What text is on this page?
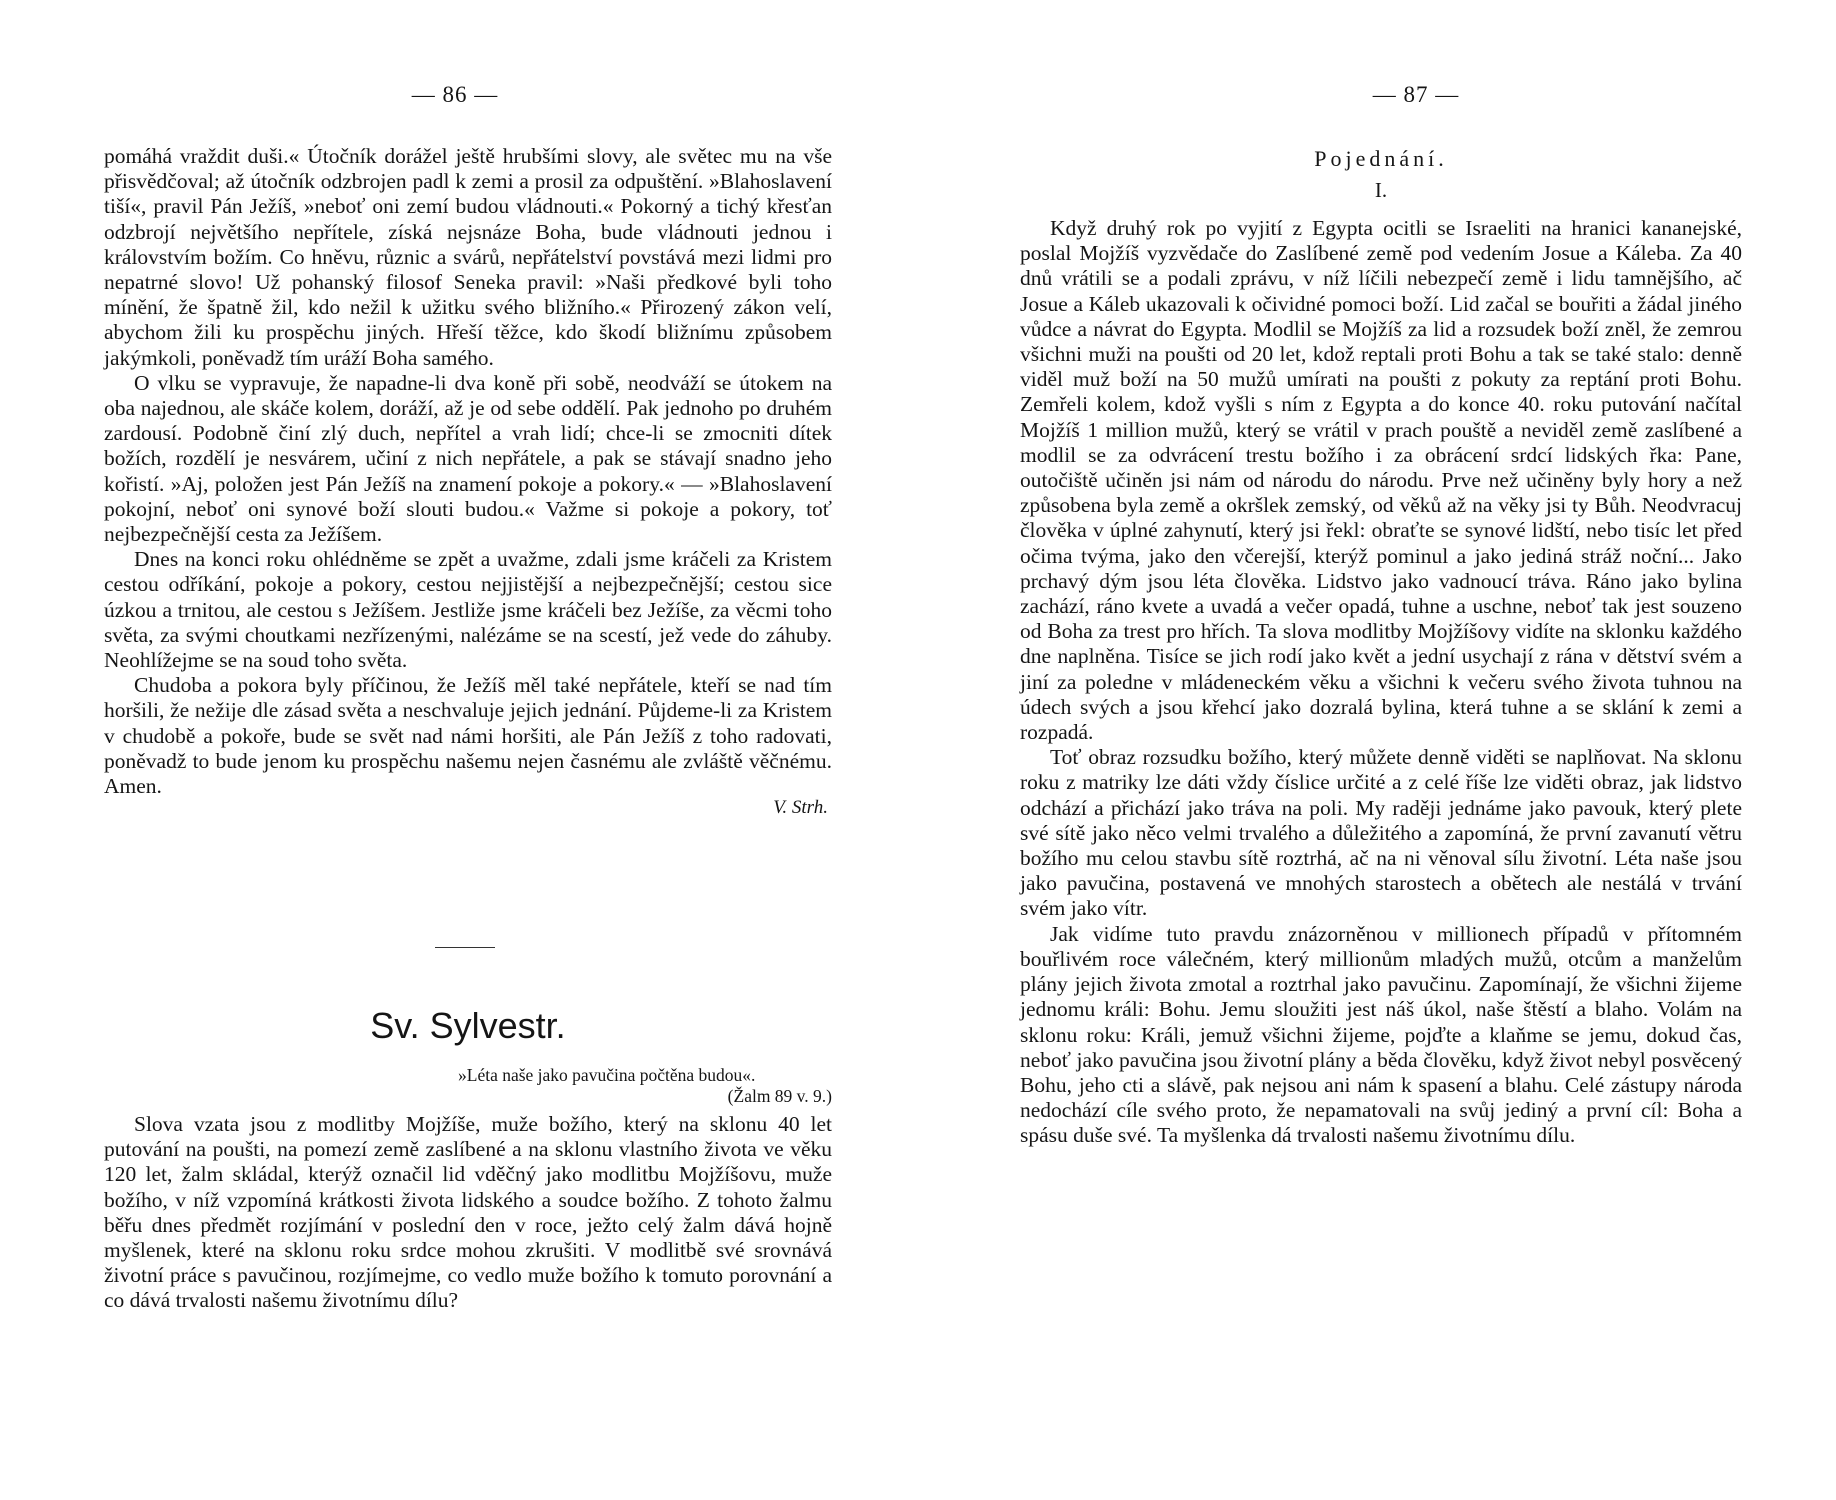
— 86 —

pomáhá vraždit duši.« Útočník dorážel ještě hrubšími slovy, ale světec mu na vše přisvědčoval; až útočník odzbrojen padl k zemi a prosil za odpuštění. »Blahoslavení tiší«, pravil Pán Ježíš, »neboť oni zemí budou vládnouti.« Pokorný a tichý křesťan odzbrojí největšího nepřítele, získá nejsnáze Boha, bude vládnouti jednou i královstvím božím. Co hněvu, různic a svárů, nepřátelství povstává mezi lidmi pro nepatrné slovo! Už pohanský filosof Seneka pravil: »Naši předkové byli toho mínění, že špatně žil, kdo nežil k užitku svého bližního.« Přirozený zákon velí, abychom žili ku prospěchu jiných. Hřeší těžce, kdo škodí bližnímu způsobem jakýmkoli, poněvadž tím uráží Boha samého.

O vlku se vypravuje, že napadne-li dva koně při sobě, neodváží se útokem na oba najednou, ale skáče kolem, doráží, až je od sebe oddělí. Pak jednoho po druhém zardousí. Podobně činí zlý duch, nepřítel a vrah lidí; chce-li se zmocniti dítek božích, rozdělí je nesvárem, učiní z nich nepřátele, a pak se stávají snadno jeho kořistí. »Aj, položen jest Pán Ježíš na znamení pokoje a pokory.« — »Blahoslavení pokojní, neboť oni synové boží slouti budou.« Važme si pokoje a pokory, toť nejbezpečnější cesta za Ježíšem.

Dnes na konci roku ohlédněme se zpět a uvažme, zdali jsme kráčeli za Kristem cestou odříkání, pokoje a pokory, cestou nejjistější a nejbezpečnější; cestou sice úzkou a trnitou, ale cestou s Ježíšem. Jestliže jsme kráčeli bez Ježíše, za věcmi toho světa, za svými choutkami nezřízenými, nalézáme se na scestí, jež vede do záhuby. Neohlížejme se na soud toho světa.

Chudoba a pokora byly příčinou, že Ježíš měl také nepřátele, kteří se nad tím horšili, že nežije dle zásad světa a neschvaluje jejich jednání. Půjdeme-li za Kristem v chudobě a pokoře, bude se svět nad námi horšiti, ale Pán Ježíš z toho radovati, poněvadž to bude jenom ku prospěchu našemu nejen časnému ale zvláště věčnému. Amen.

V. Strh.
Sv. Sylvestr.
»Léta naše jako pavučina počtěna budou«.
(Žalm 89 v. 9.)

Slova vzata jsou z modlitby Mojžíše, muže božího, který na sklonu 40 let putování na poušti, na pomezí země zaslíbené a na sklonu vlastního života ve věku 120 let, žalm skládal, kterýž označil lid vděčný jako modlitbu Mojžíšovu, muže božího, v níž vzpomíná krátkosti života lidského a soudce božího. Z tohoto žalmu běřu dnes předmět rozjímání v poslední den v roce, ježto celý žalm dává hojně myšlenek, které na sklonu roku srdce mohou zkrušiti. V modlitbě své srovnává životní práce s pavučinou, rozjímejme, co vedlo muže božího k tomuto porovnání a co dává trvalosti našemu životnímu dílu?

— 87 —
Pojednání.
I.

Když druhý rok po vyjití z Egypta ocitli se Israeliti na hranici kananejské, poslal Mojžíš vyzvědače do Zaslíbené země pod vedením Josue a Káleba. Za 40 dnů vrátili se a podali zprávu, v níž líčili nebezpečí země i lidu tamnějšího, ač Josue a Káleb ukazovali k očividné pomoci boží. Lid začal se bouřiti a žádal jiného vůdce a návrat do Egypta. Modlil se Mojžíš za lid a rozsudek boží zněl, že zemrou všichni muži na poušti od 20 let, kdož reptali proti Bohu a tak se také stalo: denně viděl muž boží na 50 mužů umírati na poušti z pokuty za reptání proti Bohu. Zemřeli kolem, kdož vyšli s ním z Egypta a do konce 40. roku putování načítal Mojžíš 1 million mužů, který se vrátil v prach pouště a neviděl země zaslíbené a modlil se za odvrácení trestu božího i za obrácení srdcí lidských řka: Pane, outočiště učiněn jsi nám od národu do národu. Prve než učiněny byly hory a než způsobena byla země a okršlek zemský, od věků až na věky jsi ty Bůh. Neodvracuj člověka v úplné zahynutí, který jsi řekl: obraťte se synové lidští, nebo tisíc let před očima tvýma, jako den včerejší, kterýž pominul a jako jediná stráž noční... Jako prchavý dým jsou léta člověka. Lidstvo jako vadnoucí tráva. Ráno jako bylina zachází, ráno kvete a uvadá a večer opadá, tuhne a uschne, neboť tak jest souzeno od Boha za trest pro hřích. Ta slova modlitby Mojžíšovy vidíte na sklonku každého dne naplněna. Tisíce se jich rodí jako květ a jední usychají z rána v dětství svém a jiní za poledne v mládeneckém věku a všichni k večeru svého života tuhnou na údech svých a jsou křehcí jako dozralá bylina, která tuhne a se sklání k zemi a rozpadá.

Toť obraz rozsudku božího, který můžete denně viděti se naplňovat. Na sklonu roku z matriky lze dáti vždy číslice určité a z celé říše lze viděti obraz, jak lidstvo odchází a přichází jako tráva na poli. My raději jednáme jako pavouk, který plete své sítě jako něco velmi trvalého a důležitého a zapomíná, že první zavanutí větru božího mu celou stavbu sítě roztrhá, ač na ni věnoval sílu životní. Léta naše jsou jako pavučina, postavená ve mnohých starostech a obětech ale nestálá v trvání svém jako vítr.

Jak vidíme tuto pravdu znázorněnou v millionech případů v přítomném bouřlivém roce válečném, který millionům mladých mužů, otcům a manželům plány jejich života zmotal a roztrhal jako pavučinu. Zapomínají, že všichni žijeme jednomu králi: Bohu. Jemu sloužiti jest náš úkol, naše štěstí a blaho. Volám na sklonu roku: Králi, jemuž všichni žijeme, pojďte a klaňme se jemu, dokud čas, neboť jako pavučina jsou životní plány a běda člověku, když život nebyl posvěcený Bohu, jeho cti a slávě, pak nejsou ani nám k spasení a blahu. Celé zástupy národa nedochází cíle svého proto, že nepamatovali na svůj jediný a první cíl: Boha a spásu duše své. Ta myšlenka dá trvalosti našemu životnímu dílu.
